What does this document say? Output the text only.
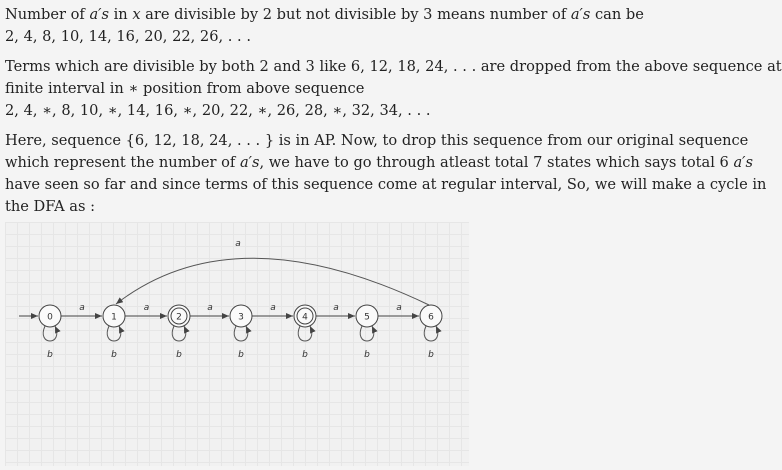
Number of a′s in x are divisible by 2 but not divisible by 3 means number of a′s can be
2, 4, 8, 10, 14, 16, 20, 22, 26, . . .

Terms which are divisible by both 2 and 3 like 6, 12, 18, 24, . . . are dropped from the above sequence at
finite interval in ∗ position from above sequence
2, 4, ∗, 8, 10, ∗, 14, 16, ∗, 20, 22, ∗, 26, 28, ∗, 32, 34, . . .

Here, sequence {6, 12, 18, 24, . . . } is in AP. Now, to drop this sequence from our original sequence
which represent the number of a′s, we have to go through atleast total 7 states which says total 6 a′s
have seen so far and since terms of this sequence come at regular interval, So, we will make a cycle in
the DFA as :

a
a
b
0
a
b
1
a
b
2
a
b
3
a
b
4
a
b
5
b
6
